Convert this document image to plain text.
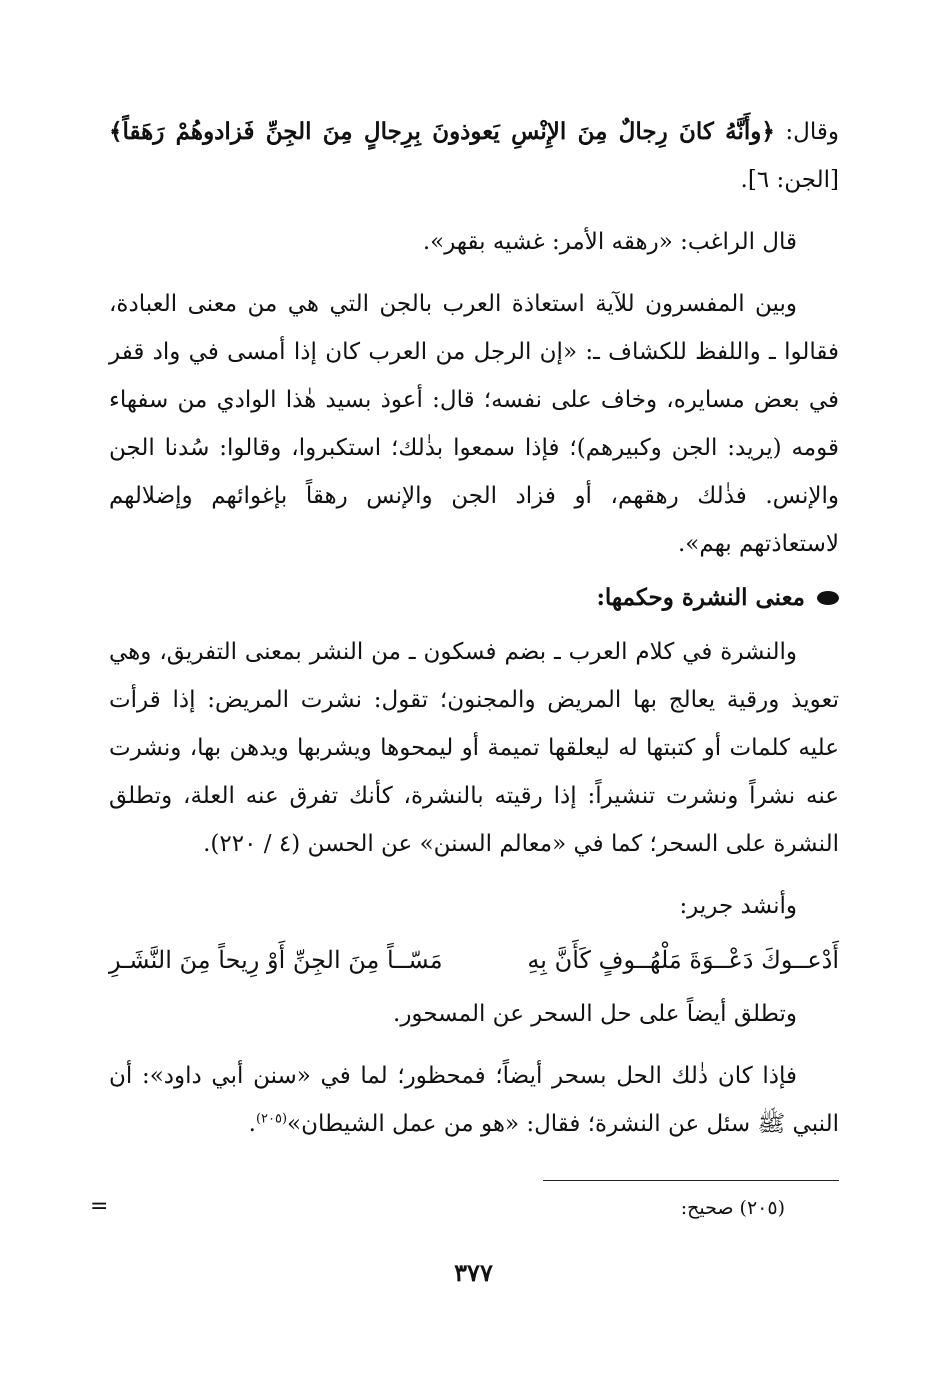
وقال: ﴿وأَنَّهُ كانَ رِجالٌ مِنَ الإِنْسِ يَعوذونَ بِرِجالٍ مِنَ الجِنِّ فَزادوهُمْ رَهَقاً﴾ [الجن: ٦].

قال الراغب: «رهقه الأمر: غشيه بقهر».

وبين المفسرون للآية استعاذة العرب بالجن التي هي من معنى العبادة، فقالوا ـ واللفظ للكشاف ـ: «إن الرجل من العرب كان إذا أمسى في واد قفر في بعض مسايره، وخاف على نفسه؛ قال: أعوذ بسيد هٰذا الوادي من سفهاء قومه (يريد: الجن وكبيرهم)؛ فإذا سمعوا بذٰلك؛ استكبروا، وقالوا: سُدنا الجن والإنس. فذٰلك رهقهم، أو فزاد الجن والإنس رهقاً بإغوائهم وإضلالهم لاستعاذتهم بهم».

معنى النشرة وحكمها:

والنشرة في كلام العرب ـ بضم فسكون ـ من النشر بمعنى التفريق، وهي تعويذ ورقية يعالج بها المريض والمجنون؛ تقول: نشرت المريض: إذا قرأت عليه كلمات أو كتبتها له ليعلقها تميمة أو ليمحوها ويشربها ويدهن بها، ونشرت عنه نشراً ونشرت تنشيراً: إذا رقيته بالنشرة، كأنك تفرق عنه العلة، وتطلق النشرة على السحر؛ كما في «معالم السنن» عن الحسن (٤ / ٢٢٠).

وأنشد جرير:

أَدْعــوكَ دَعْــوَةَ مَلْهُــوفٍ كَأَنَّ بِهِ
مَسّــاً مِنَ الجِنِّ أَوْ رِيحاً مِنَ النَّشَـرِ

وتطلق أيضاً على حل السحر عن المسحور.

فإذا كان ذٰلك الحل بسحر أيضاً؛ فمحظور؛ لما في «سنن أبي داود»: أن النبي ﷺ سئل عن النشرة؛ فقال: «هو من عمل الشيطان»$^{(٢٠٥)}$.

(٢٠٥) صحيح:
=
٣٧٧
